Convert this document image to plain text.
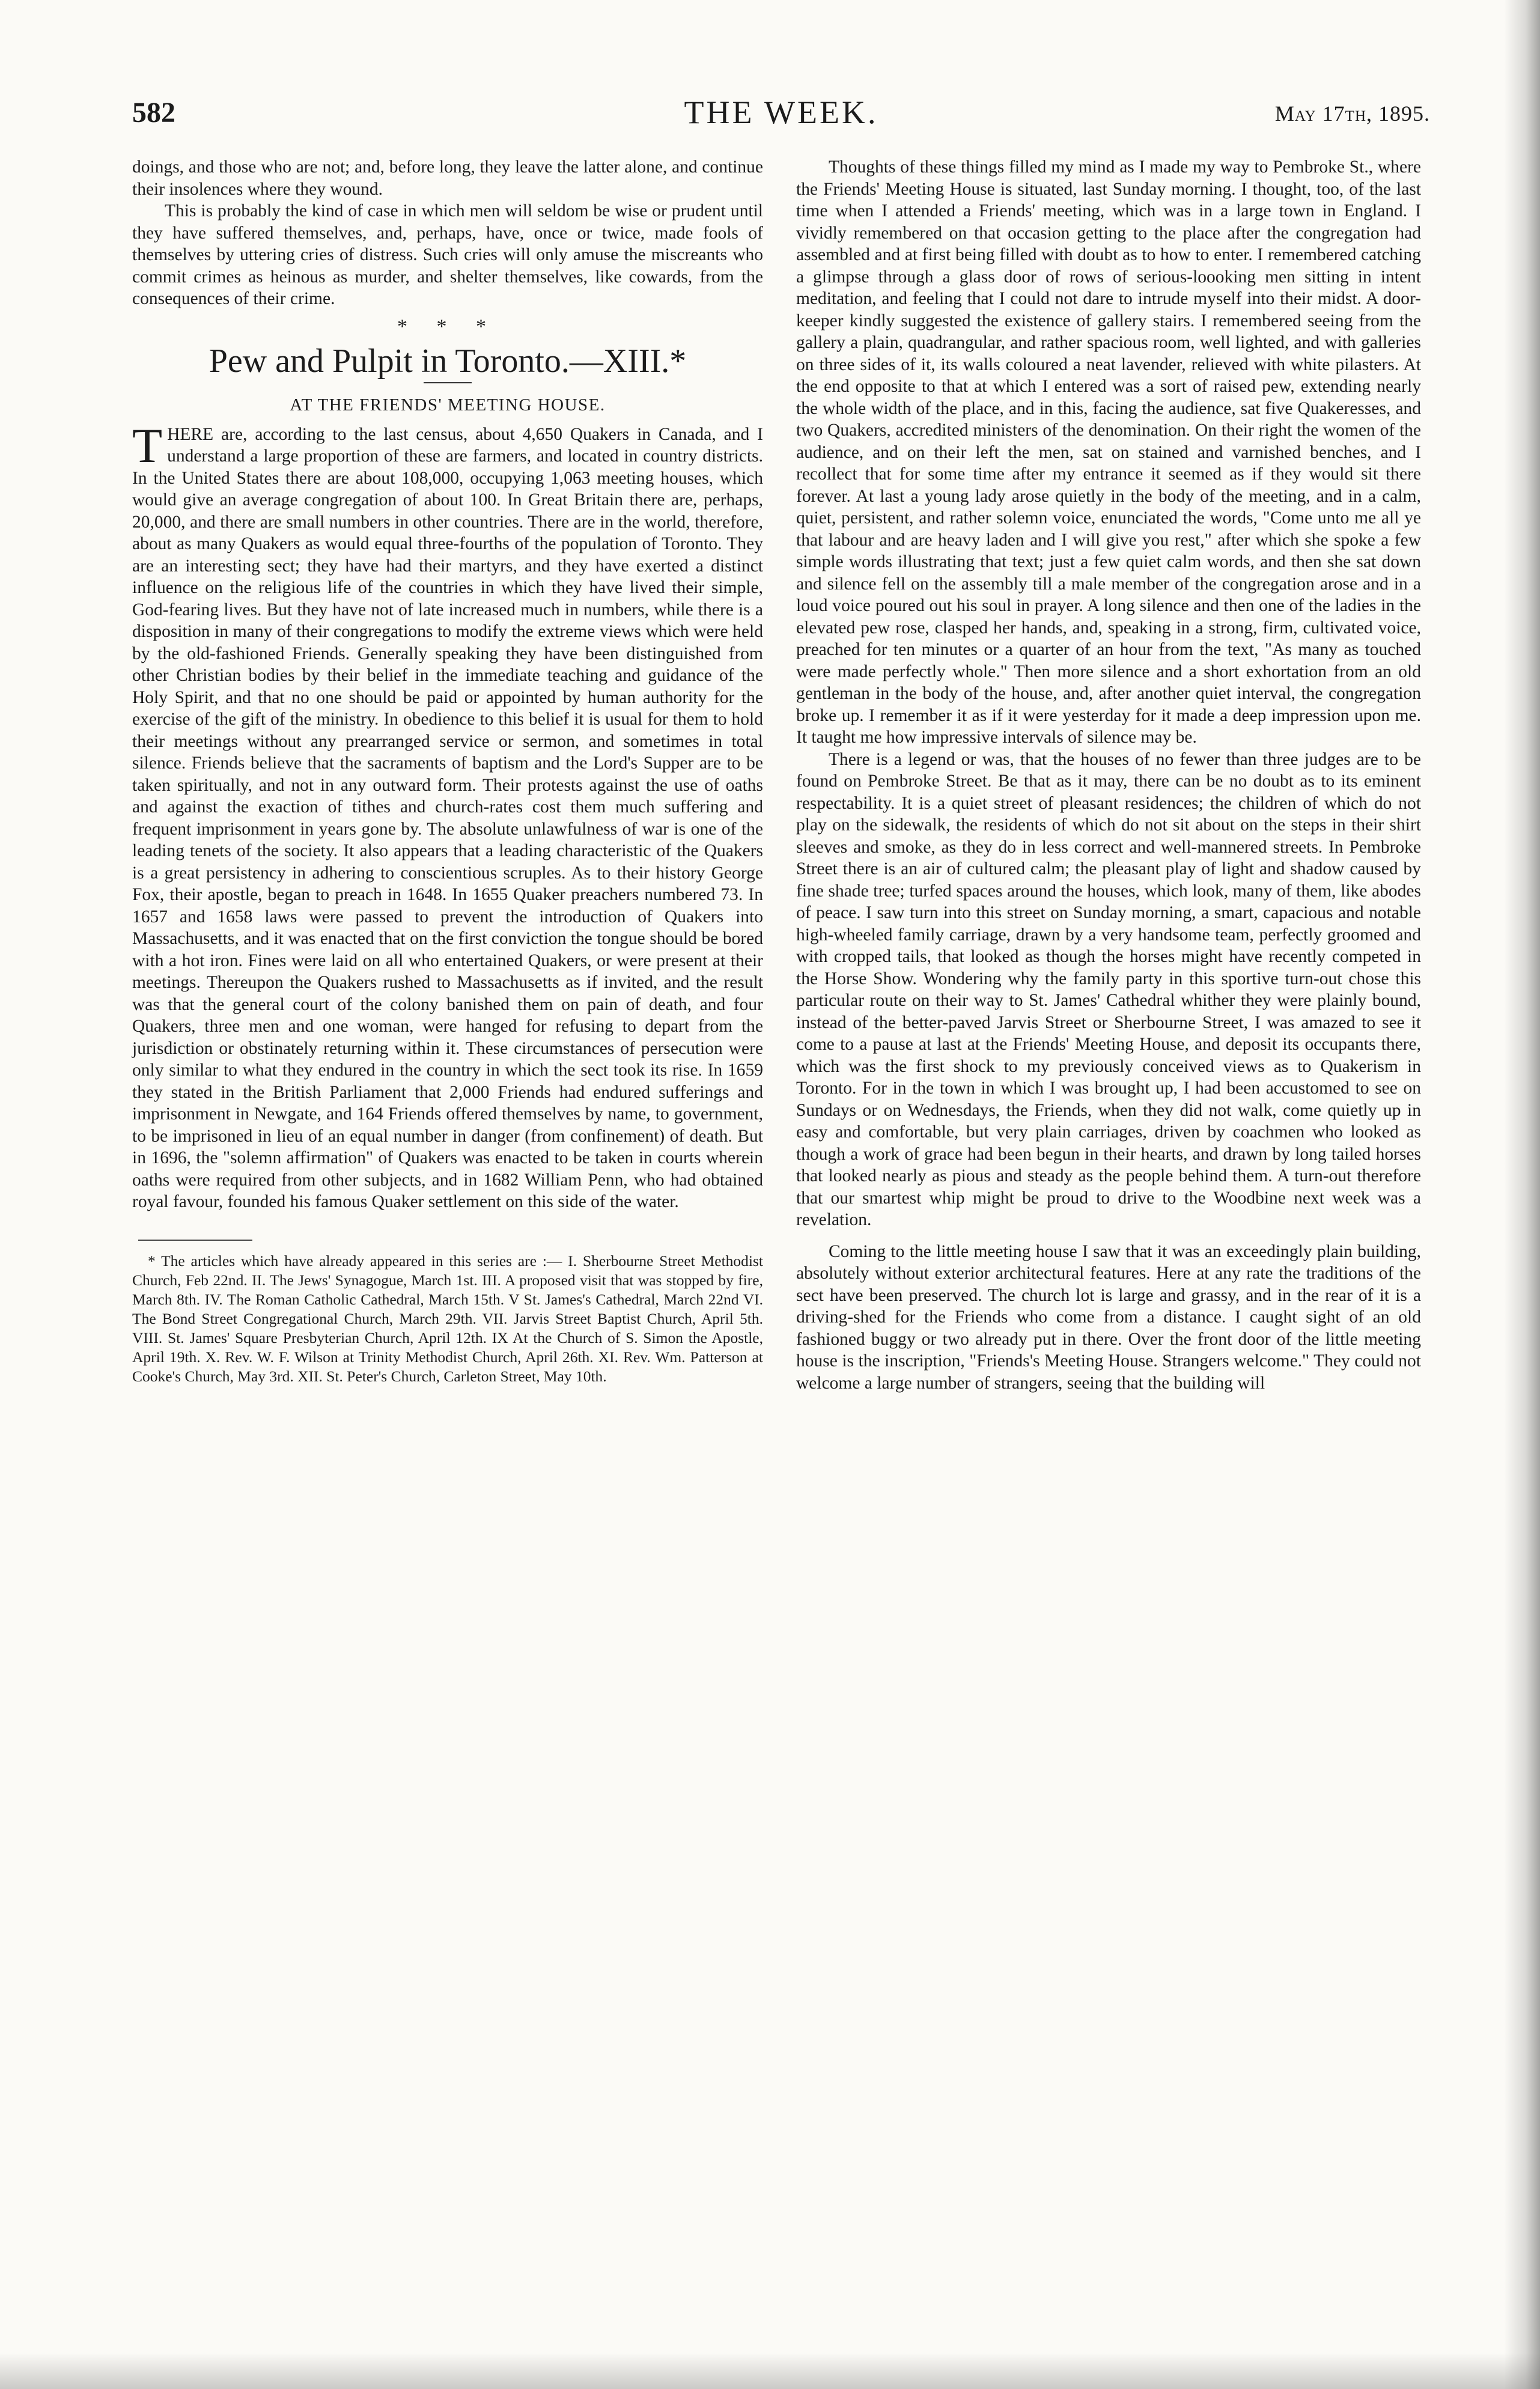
582	THE WEEK.	May 17th, 1895.

doings, and those who are not; and, before long, they leave the latter alone, and continue their insolences where they wound.

This is probably the kind of case in which men will seldom be wise or prudent until they have suffered themselves, and, perhaps, have, once or twice, made fools of themselves by uttering cries of distress. Such cries will only amuse the miscreants who commit crimes as heinous as murder, and shelter themselves, like cowards, from the consequences of their crime.

* * *
Pew and Pulpit in Toronto.—XIII.*
AT THE FRIENDS' MEETING HOUSE.

THERE are, according to the last census, about 4,650 Quakers in Canada, and I understand a large proportion of these are farmers, and located in country districts. In the United States there are about 108,000, occupying 1,063 meeting houses, which would give an average congregation of about 100. In Great Britain there are, perhaps, 20,000, and there are small numbers in other countries. There are in the world, therefore, about as many Quakers as would equal three-fourths of the population of Toronto. They are an interesting sect; they have had their martyrs, and they have exerted a distinct influence on the religious life of the countries in which they have lived their simple, God-fearing lives. But they have not of late increased much in numbers, while there is a disposition in many of their congregations to modify the extreme views which were held by the old-fashioned Friends. Generally speaking they have been distinguished from other Christian bodies by their belief in the immediate teaching and guidance of the Holy Spirit, and that no one should be paid or appointed by human authority for the exercise of the gift of the ministry. In obedience to this belief it is usual for them to hold their meetings without any prearranged service or sermon, and sometimes in total silence. Friends believe that the sacraments of baptism and the Lord's Supper are to be taken spiritually, and not in any outward form. Their protests against the use of oaths and against the exaction of tithes and church-rates cost them much suffering and frequent imprisonment in years gone by. The absolute unlawfulness of war is one of the leading tenets of the society. It also appears that a leading characteristic of the Quakers is a great persistency in adhering to conscientious scruples. As to their history George Fox, their apostle, began to preach in 1648. In 1655 Quaker preachers numbered 73. In 1657 and 1658 laws were passed to prevent the introduction of Quakers into Massachusetts, and it was enacted that on the first conviction the tongue should be bored with a hot iron. Fines were laid on all who entertained Quakers, or were present at their meetings. Thereupon the Quakers rushed to Massachusetts as if invited, and the result was that the general court of the colony banished them on pain of death, and four Quakers, three men and one woman, were hanged for refusing to depart from the jurisdiction or obstinately returning within it. These circumstances of persecution were only similar to what they endured in the country in which the sect took its rise. In 1659 they stated in the British Parliament that 2,000 Friends had endured sufferings and imprisonment in Newgate, and 164 Friends offered themselves by name, to government, to be imprisoned in lieu of an equal number in danger (from confinement) of death. But in 1696, the "solemn affirmation" of Quakers was enacted to be taken in courts wherein oaths were required from other subjects, and in 1682 William Penn, who had obtained royal favour, founded his famous Quaker settlement on this side of the water.

* The articles which have already appeared in this series are :— I. Sherbourne Street Methodist Church, Feb 22nd. II. The Jews' Synagogue, March 1st. III. A proposed visit that was stopped by fire, March 8th. IV. The Roman Catholic Cathedral, March 15th. V St. James's Cathedral, March 22nd VI. The Bond Street Congregational Church, March 29th. VII. Jarvis Street Baptist Church, April 5th. VIII. St. James' Square Presbyterian Church, April 12th. IX At the Church of S. Simon the Apostle, April 19th. X. Rev. W. F. Wilson at Trinity Methodist Church, April 26th. XI. Rev. Wm. Patterson at Cooke's Church, May 3rd. XII. St. Peter's Church, Carleton Street, May 10th.

Thoughts of these things filled my mind as I made my way to Pembroke St., where the Friends' Meeting House is situated, last Sunday morning. I thought, too, of the last time when I attended a Friends' meeting, which was in a large town in England. I vividly remembered on that occasion getting to the place after the congregation had assembled and at first being filled with doubt as to how to enter. I remembered catching a glimpse through a glass door of rows of serious-loooking men sitting in intent meditation, and feeling that I could not dare to intrude myself into their midst. A door-keeper kindly suggested the existence of gallery stairs. I remembered seeing from the gallery a plain, quadrangular, and rather spacious room, well lighted, and with galleries on three sides of it, its walls coloured a neat lavender, relieved with white pilasters. At the end opposite to that at which I entered was a sort of raised pew, extending nearly the whole width of the place, and in this, facing the audience, sat five Quakeresses, and two Quakers, accredited ministers of the denomination. On their right the women of the audience, and on their left the men, sat on stained and varnished benches, and I recollect that for some time after my entrance it seemed as if they would sit there forever. At last a young lady arose quietly in the body of the meeting, and in a calm, quiet, persistent, and rather solemn voice, enunciated the words, "Come unto me all ye that labour and are heavy laden and I will give you rest," after which she spoke a few simple words illustrating that text; just a few quiet calm words, and then she sat down and silence fell on the assembly till a male member of the congregation arose and in a loud voice poured out his soul in prayer. A long silence and then one of the ladies in the elevated pew rose, clasped her hands, and, speaking in a strong, firm, cultivated voice, preached for ten minutes or a quarter of an hour from the text, "As many as touched were made perfectly whole." Then more silence and a short exhortation from an old gentleman in the body of the house, and, after another quiet interval, the congregation broke up. I remember it as if it were yesterday for it made a deep impression upon me. It taught me how impressive intervals of silence may be.

There is a legend or was, that the houses of no fewer than three judges are to be found on Pembroke Street. Be that as it may, there can be no doubt as to its eminent respectability. It is a quiet street of pleasant residences; the children of which do not play on the sidewalk, the residents of which do not sit about on the steps in their shirt sleeves and smoke, as they do in less correct and well-mannered streets. In Pembroke Street there is an air of cultured calm; the pleasant play of light and shadow caused by fine shade tree; turfed spaces around the houses, which look, many of them, like abodes of peace. I saw turn into this street on Sunday morning, a smart, capacious and notable high-wheeled family carriage, drawn by a very handsome team, perfectly groomed and with cropped tails, that looked as though the horses might have recently competed in the Horse Show. Wondering why the family party in this sportive turn-out chose this particular route on their way to St. James' Cathedral whither they were plainly bound, instead of the better-paved Jarvis Street or Sherbourne Street, I was amazed to see it come to a pause at last at the Friends' Meeting House, and deposit its occupants there, which was the first shock to my previously conceived views as to Quakerism in Toronto. For in the town in which I was brought up, I had been accustomed to see on Sundays or on Wednesdays, the Friends, when they did not walk, come quietly up in easy and comfortable, but very plain carriages, driven by coachmen who looked as though a work of grace had been begun in their hearts, and drawn by long tailed horses that looked nearly as pious and steady as the people behind them. A turn-out therefore that our smartest whip might be proud to drive to the Woodbine next week was a revelation.

Coming to the little meeting house I saw that it was an exceedingly plain building, absolutely without exterior architectural features. Here at any rate the traditions of the sect have been preserved. The church lot is large and grassy, and in the rear of it is a driving-shed for the Friends who come from a distance. I caught sight of an old fashioned buggy or two already put in there. Over the front door of the little meeting house is the inscription, "Friends's Meeting House. Strangers welcome." They could not welcome a large number of strangers, seeing that the building will
